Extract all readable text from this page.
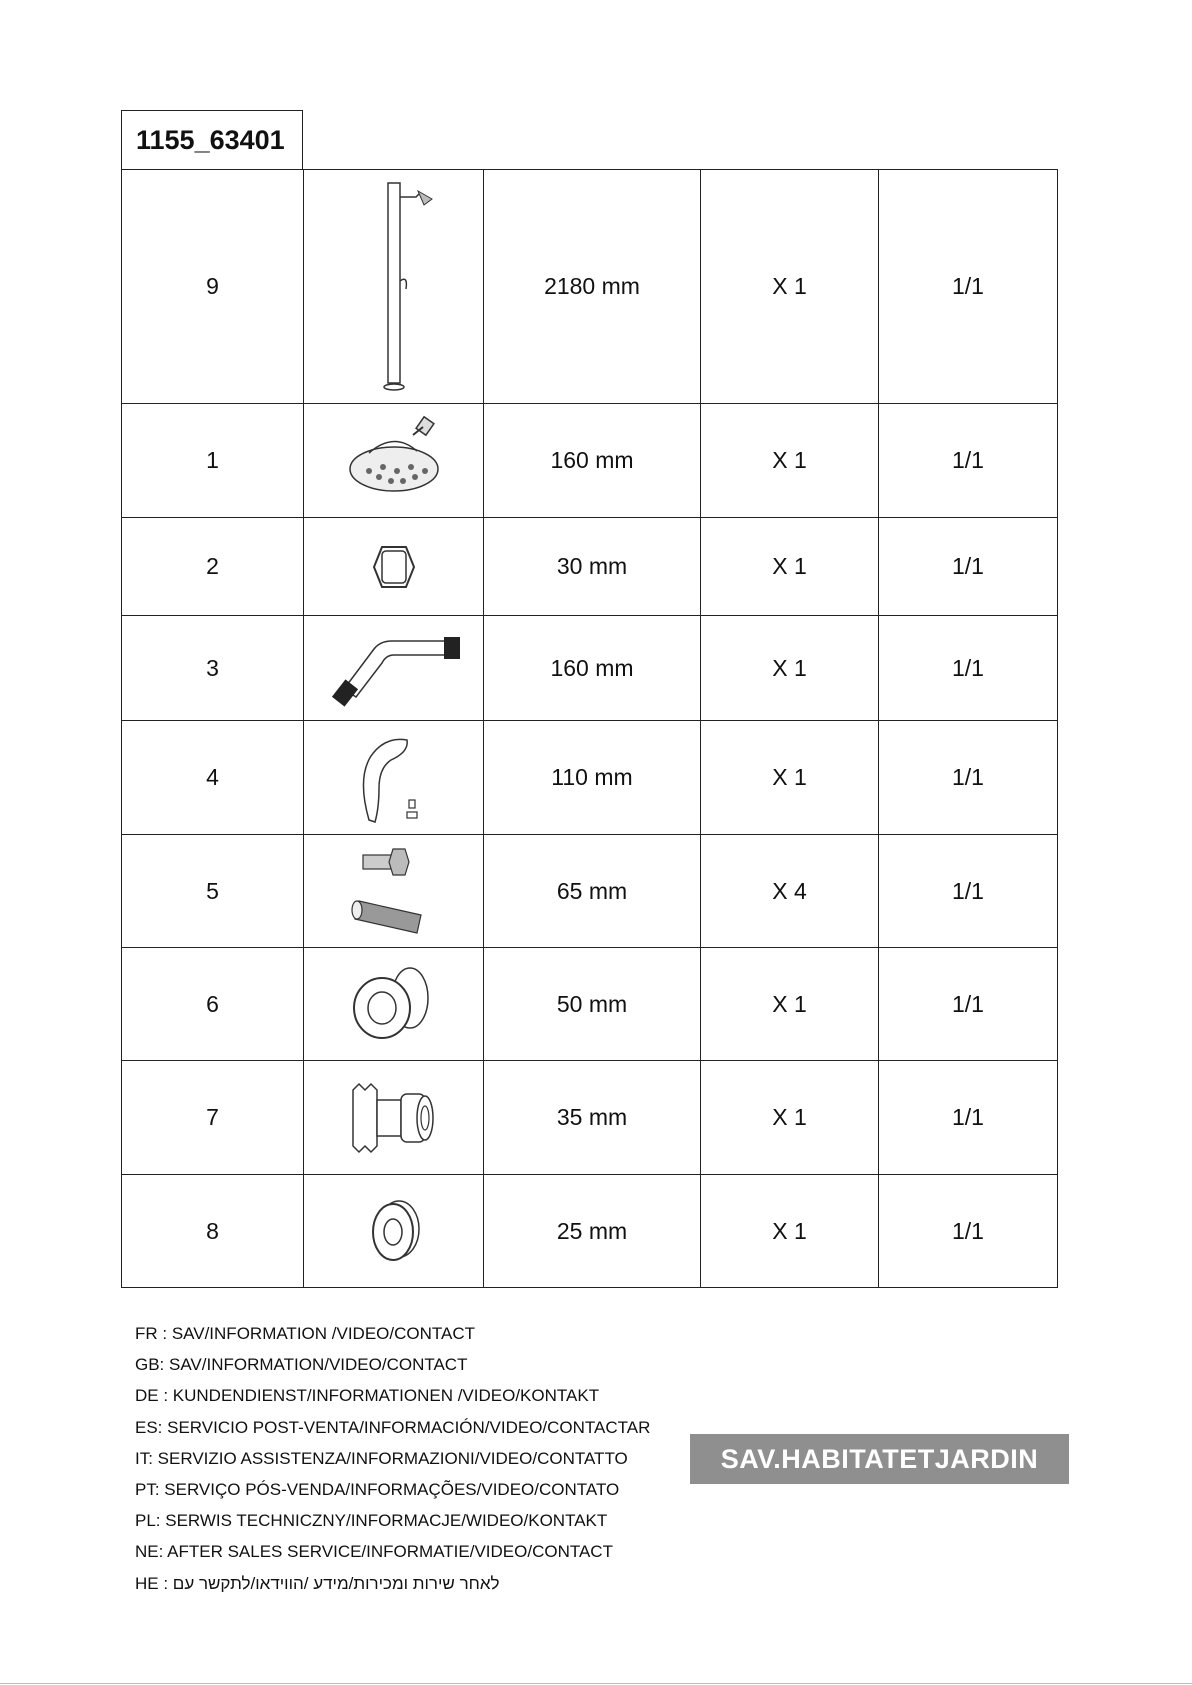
1155_63401
9		2180 mm	X 1	1/1
1		160 mm	X 1	1/1
2		30 mm	X 1	1/1
3		160 mm	X 1	1/1
4		110 mm	X 1	1/1
5		65 mm	X 4	1/1
6		50 mm	X 1	1/1
7		35 mm	X 1	1/1
8		25 mm	X 1	1/1
FR : SAV/INFORMATION /VIDEO/CONTACT
GB: SAV/INFORMATION/VIDEO/CONTACT
DE : KUNDENDIENST/INFORMATIONEN /VIDEO/KONTAKT
ES: SERVICIO POST-VENTA/INFORMACIÓN/VIDEO/CONTACTAR
IT: SERVIZIO ASSISTENZA/INFORMAZIONI/VIDEO/CONTATTO
PT: SERVIÇO PÓS-VENDA/INFORMAÇÕES/VIDEO/CONTATO
PL: SERWIS TECHNICZNY/INFORMACJE/WIDEO/KONTAKT
NE: AFTER SALES SERVICE/INFORMATIE/VIDEO/CONTACT
HE : לאחר שירות ומכירות/מידע /הווידאו/לתקשר עם
SAV.HABITATETJARDIN
